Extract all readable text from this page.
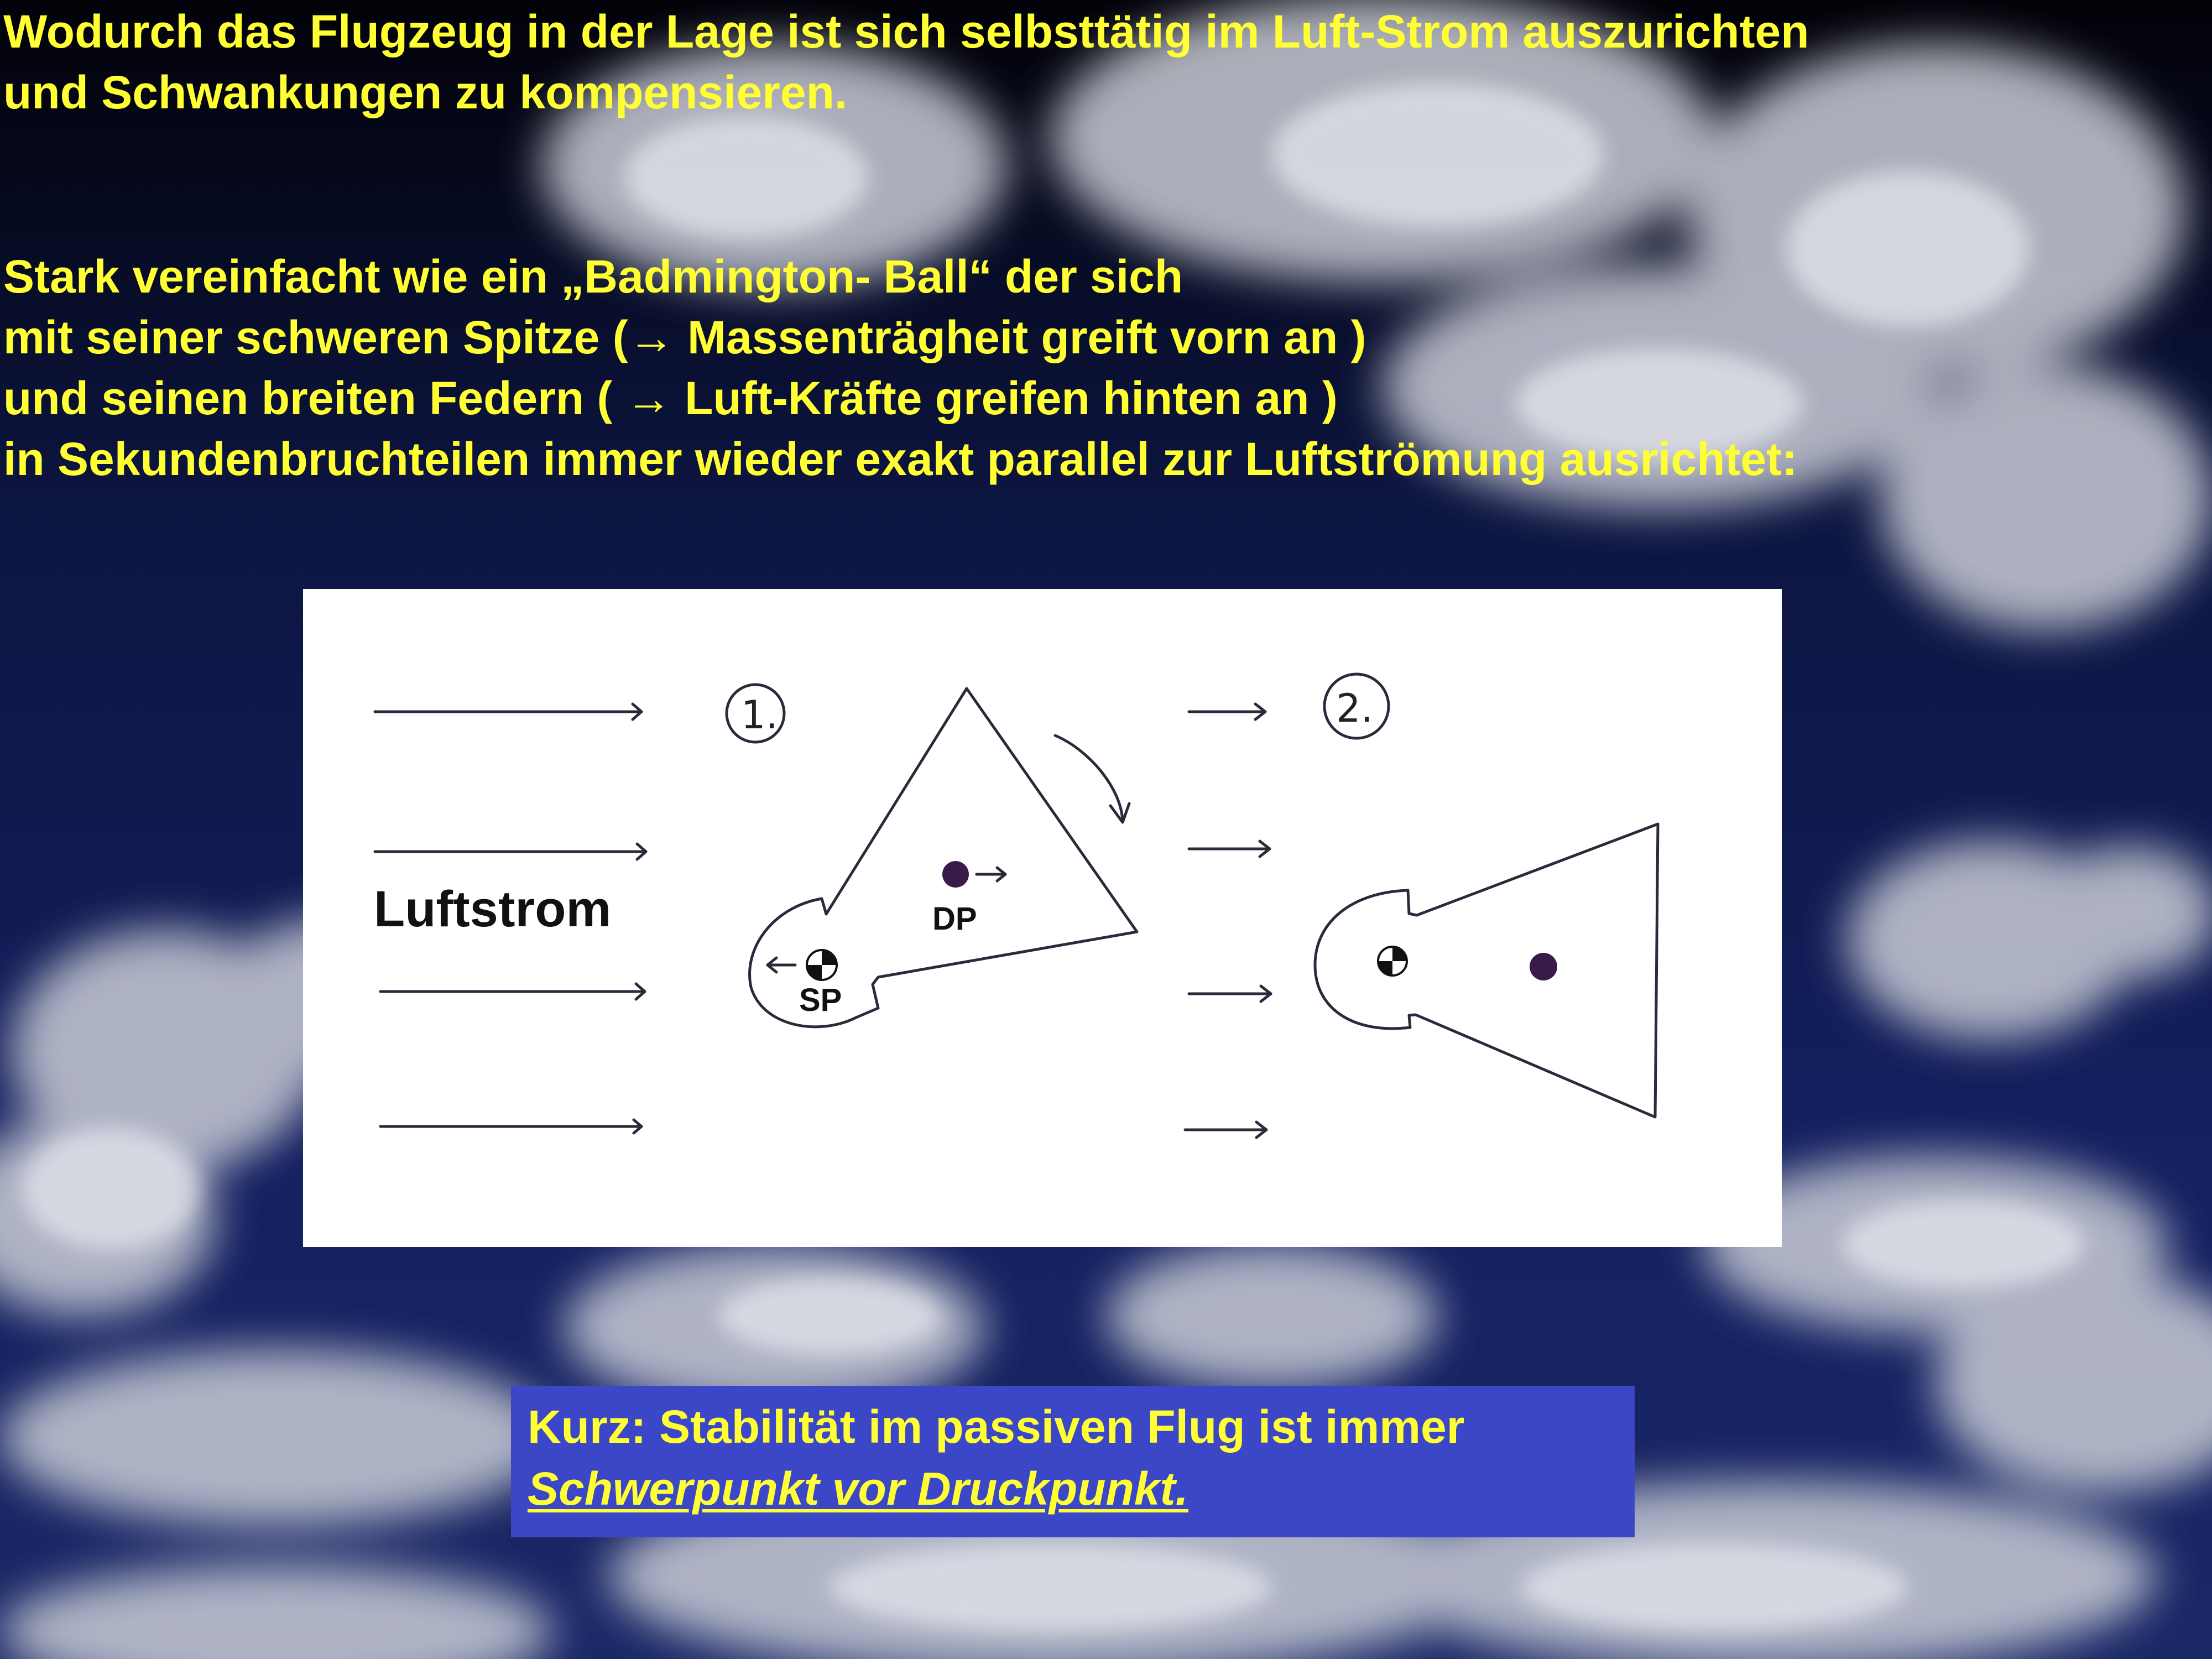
Wodurch das Flugzeug in der Lage ist sich selbsttätig im Luft-Strom auszurichten
und Schwankungen zu kompensieren.
Stark vereinfacht wie ein „Badmington- Ball“ der sich
mit seiner schweren Spitze (→ Massenträgheit greift vorn an )
und seinen breiten Federn ( → Luft-Kräfte greifen hinten an )
in Sekundenbruchteilen immer wieder exakt parallel zur Luftströmung ausrichtet:
1.	2.
Luftstrom	DP
SP
Kurz: Stabilität im passiven Flug ist immer
Schwerpunkt vor Druckpunkt.
